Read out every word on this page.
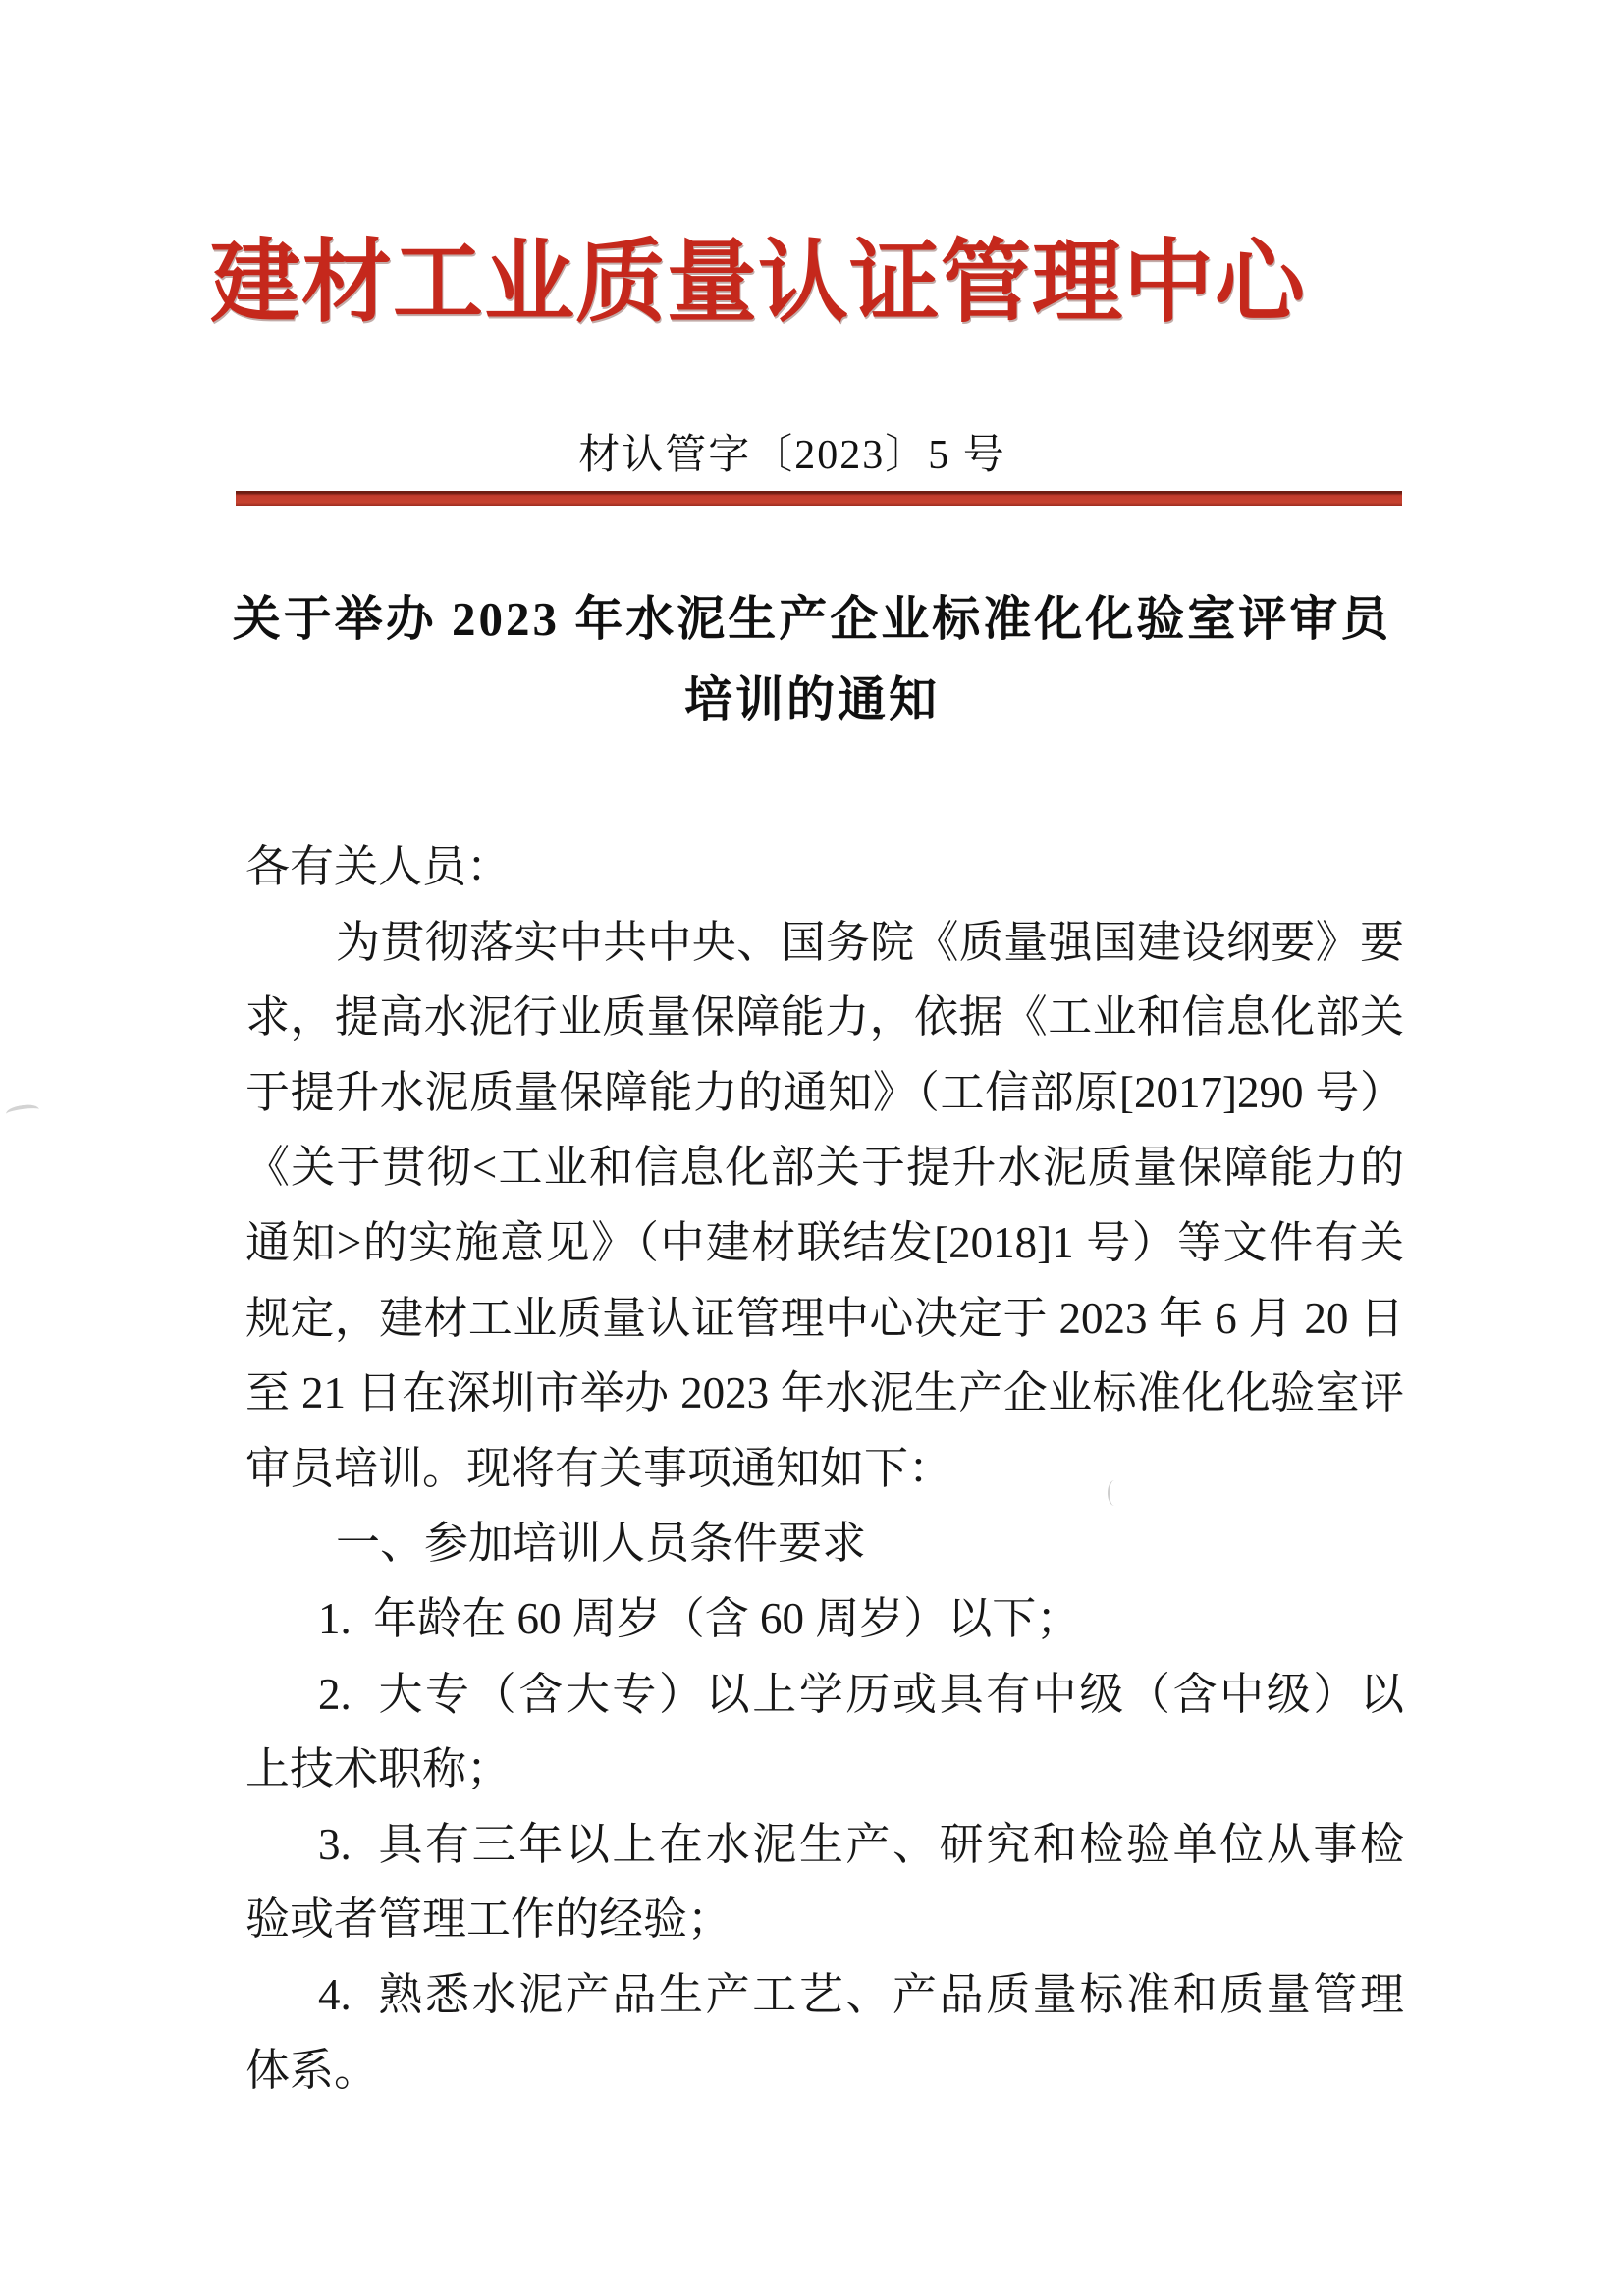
建材工业质量认证管理中心
材认管字〔2023〕5 号
关于举办 2023 年水泥生产企业标准化化验室评审员
培训的通知
各有关人员：
为贯彻落实中共中央、国务院《质量强国建设纲要》要
求，提高水泥行业质量保障能力，依据《工业和信息化部关
于提升水泥质量保障能力的通知》（工信部原[2017]290 号）
《关于贯彻<工业和信息化部关于提升水泥质量保障能力的
通知>的实施意见》（中建材联结发[2018]1 号）等文件有关
规定，建材工业质量认证管理中心决定于 2023 年 6 月 20 日
至 21 日在深圳市举办 2023 年水泥生产企业标准化化验室评
审员培训。现将有关事项通知如下：
一、参加培训人员条件要求
1.  年龄在 60 周岁（含 60 周岁）以下；
2.  大专（含大专）以上学历或具有中级（含中级）以
上技术职称；
3.  具有三年以上在水泥生产、研究和检验单位从事检
验或者管理工作的经验；
4.  熟悉水泥产品生产工艺、产品质量标准和质量管理
体系。
